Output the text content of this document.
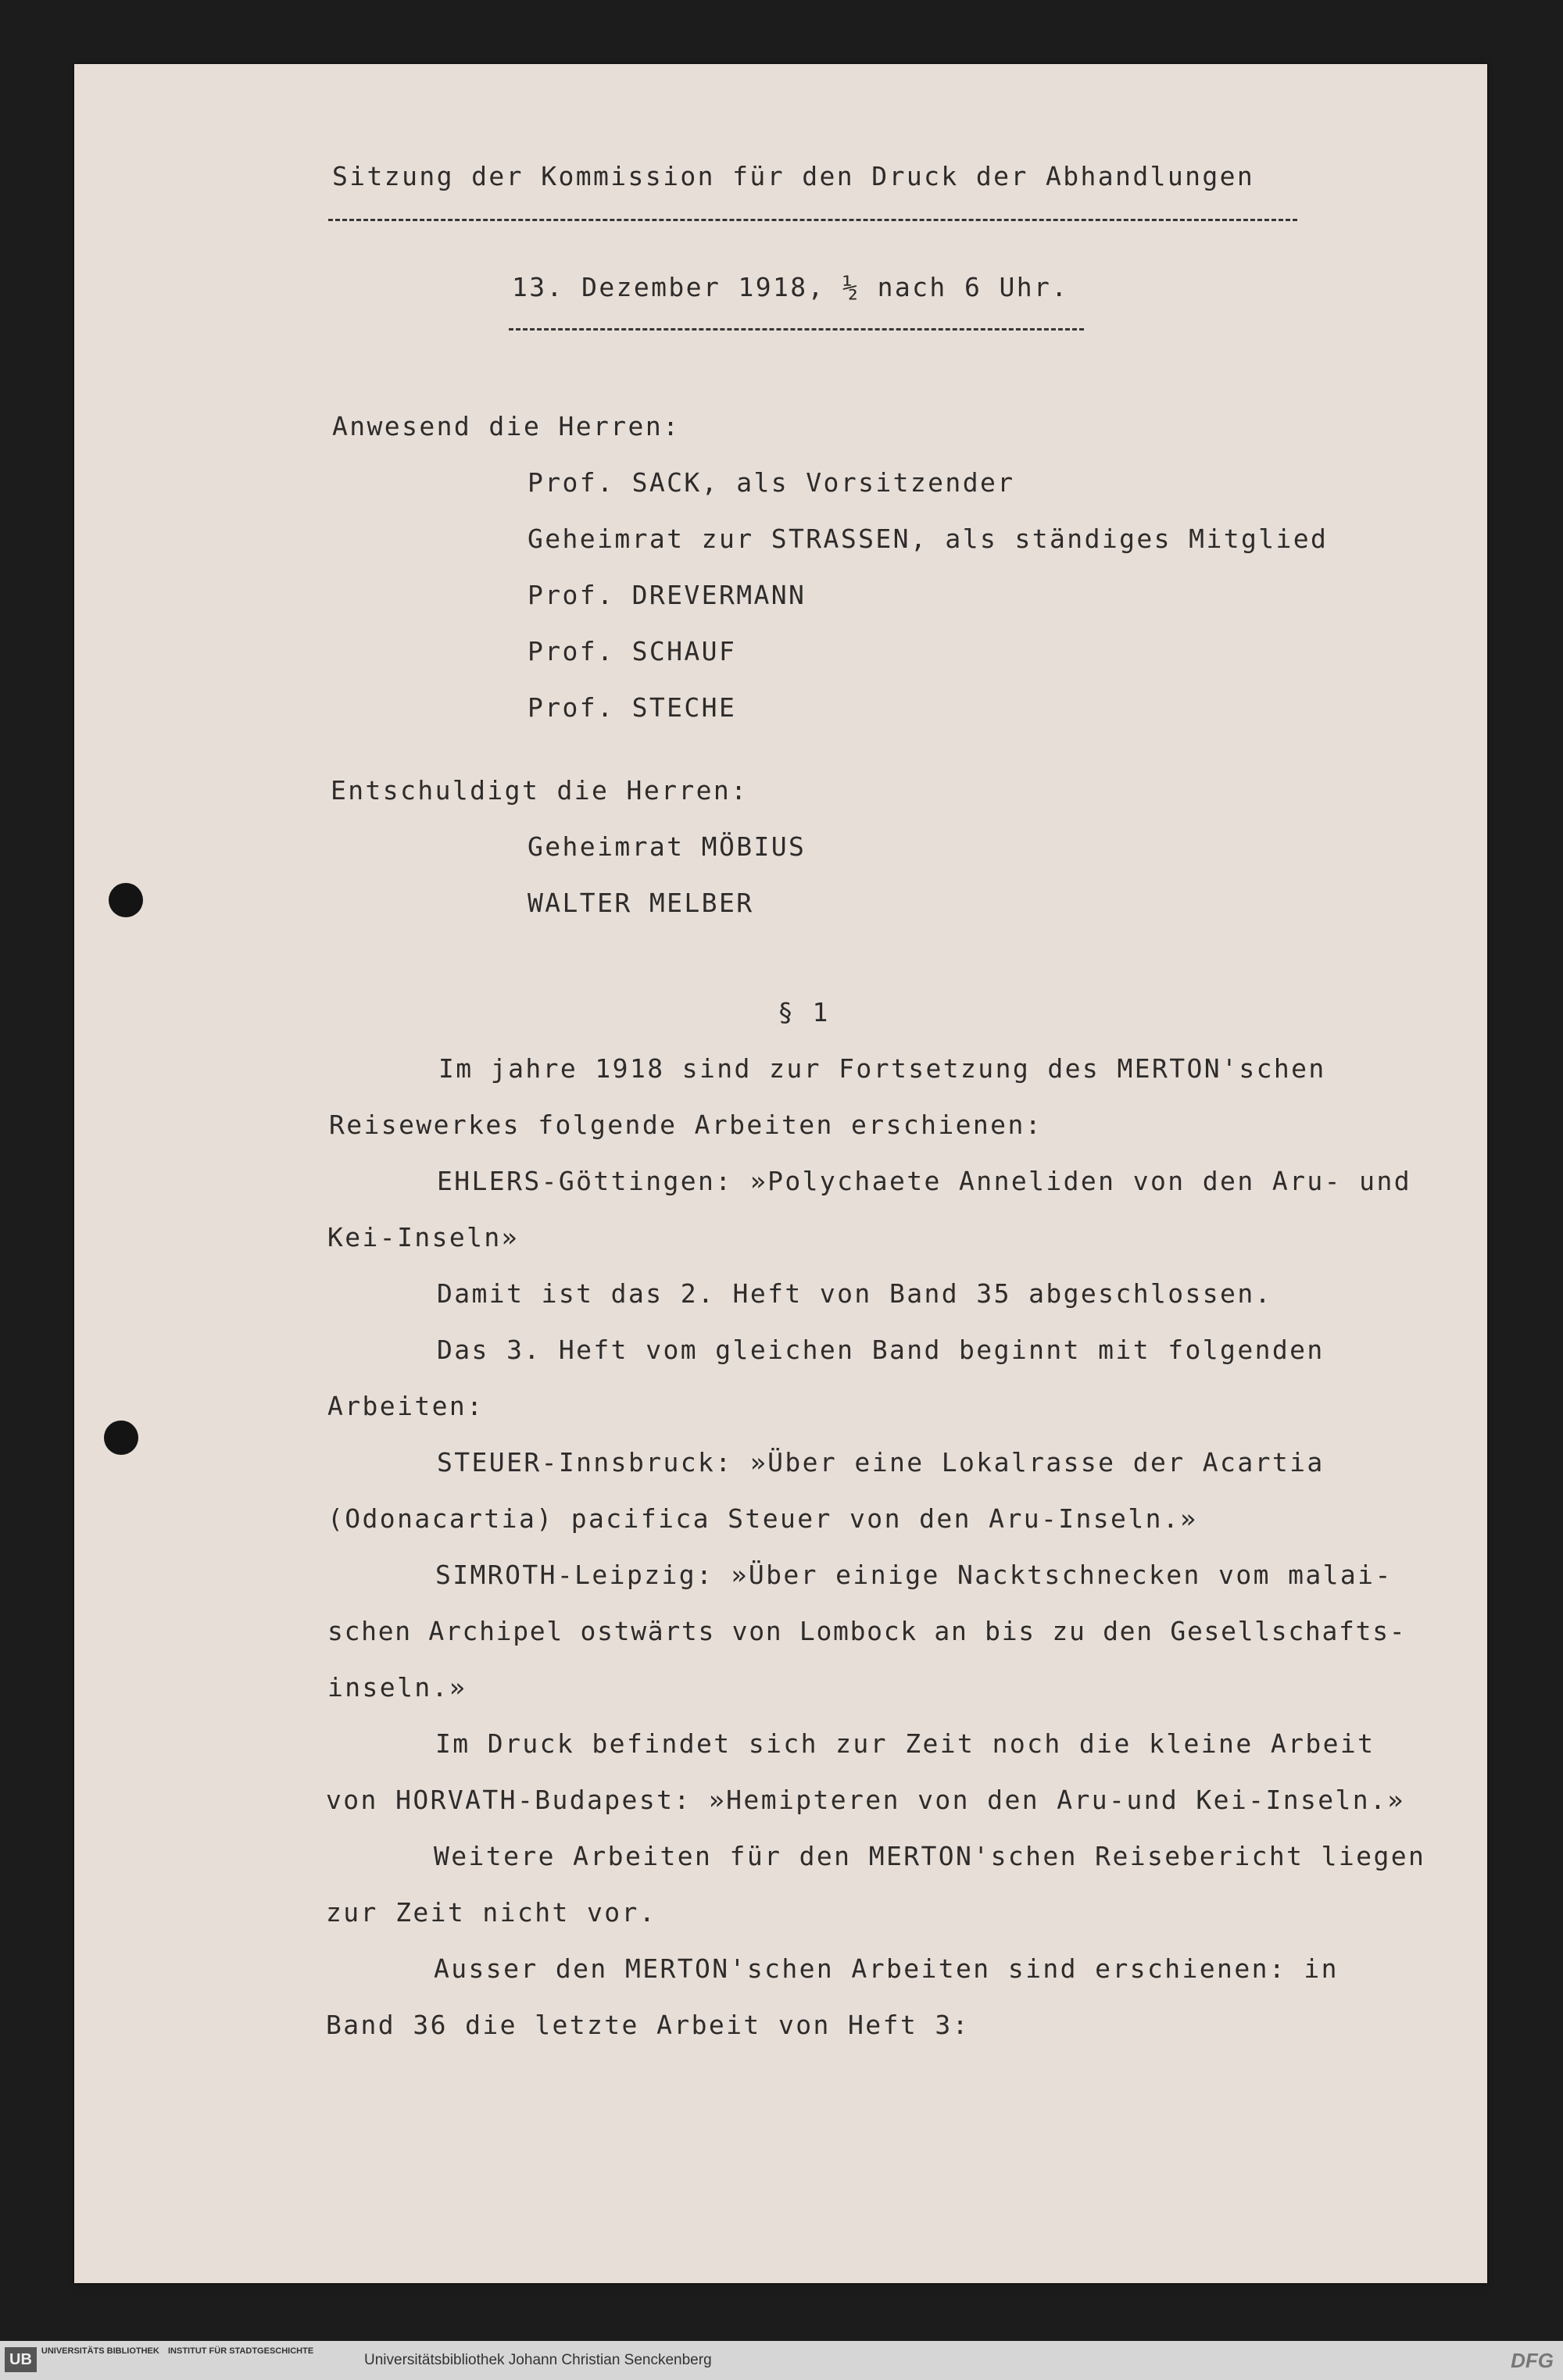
Sitzung der Kommission für den Druck der Abhandlungen

13. Dezember 1918, ½ nach 6 Uhr.

Anwesend die Herren:

Prof. SACK, als Vorsitzender

Geheimrat zur STRASSEN, als ständiges Mitglied

Prof. DREVERMANN

Prof. SCHAUF

Prof. STECHE

Entschuldigt die Herren:

Geheimrat MÖBIUS

WALTER MELBER

§ 1

Im jahre 1918 sind zur Fortsetzung des MERTON'schen

Reisewerkes folgende Arbeiten erschienen:

EHLERS-Göttingen: »Polychaete Anneliden von den Aru- und

Kei-Inseln»

Damit ist das 2. Heft von Band 35 abgeschlossen.

Das 3. Heft vom gleichen Band beginnt mit folgenden

Arbeiten:

STEUER-Innsbruck: »Über eine Lokalrasse der Acartia

(Odonacartia) pacifica Steuer von den Aru-Inseln.»

SIMROTH-Leipzig: »Über einige Nacktschnecken vom malai-

schen Archipel ostwärts von Lombock an bis zu den Gesellschafts-

inseln.»

Im Druck befindet sich zur Zeit noch die kleine Arbeit

von HORVATH-Budapest: »Hemipteren von den Aru-und Kei-Inseln.»

Weitere Arbeiten für den MERTON'schen Reisebericht liegen

zur Zeit nicht vor.

Ausser den MERTON'schen Arbeiten sind erschienen: in

Band 36 die letzte Arbeit von Heft 3:

UB UNIVERSITÄTS BIBLIOTHEK INSTITUT FÜR STADTGESCHICHTE
Universitätsbibliothek Johann Christian Senckenberg	DFG
